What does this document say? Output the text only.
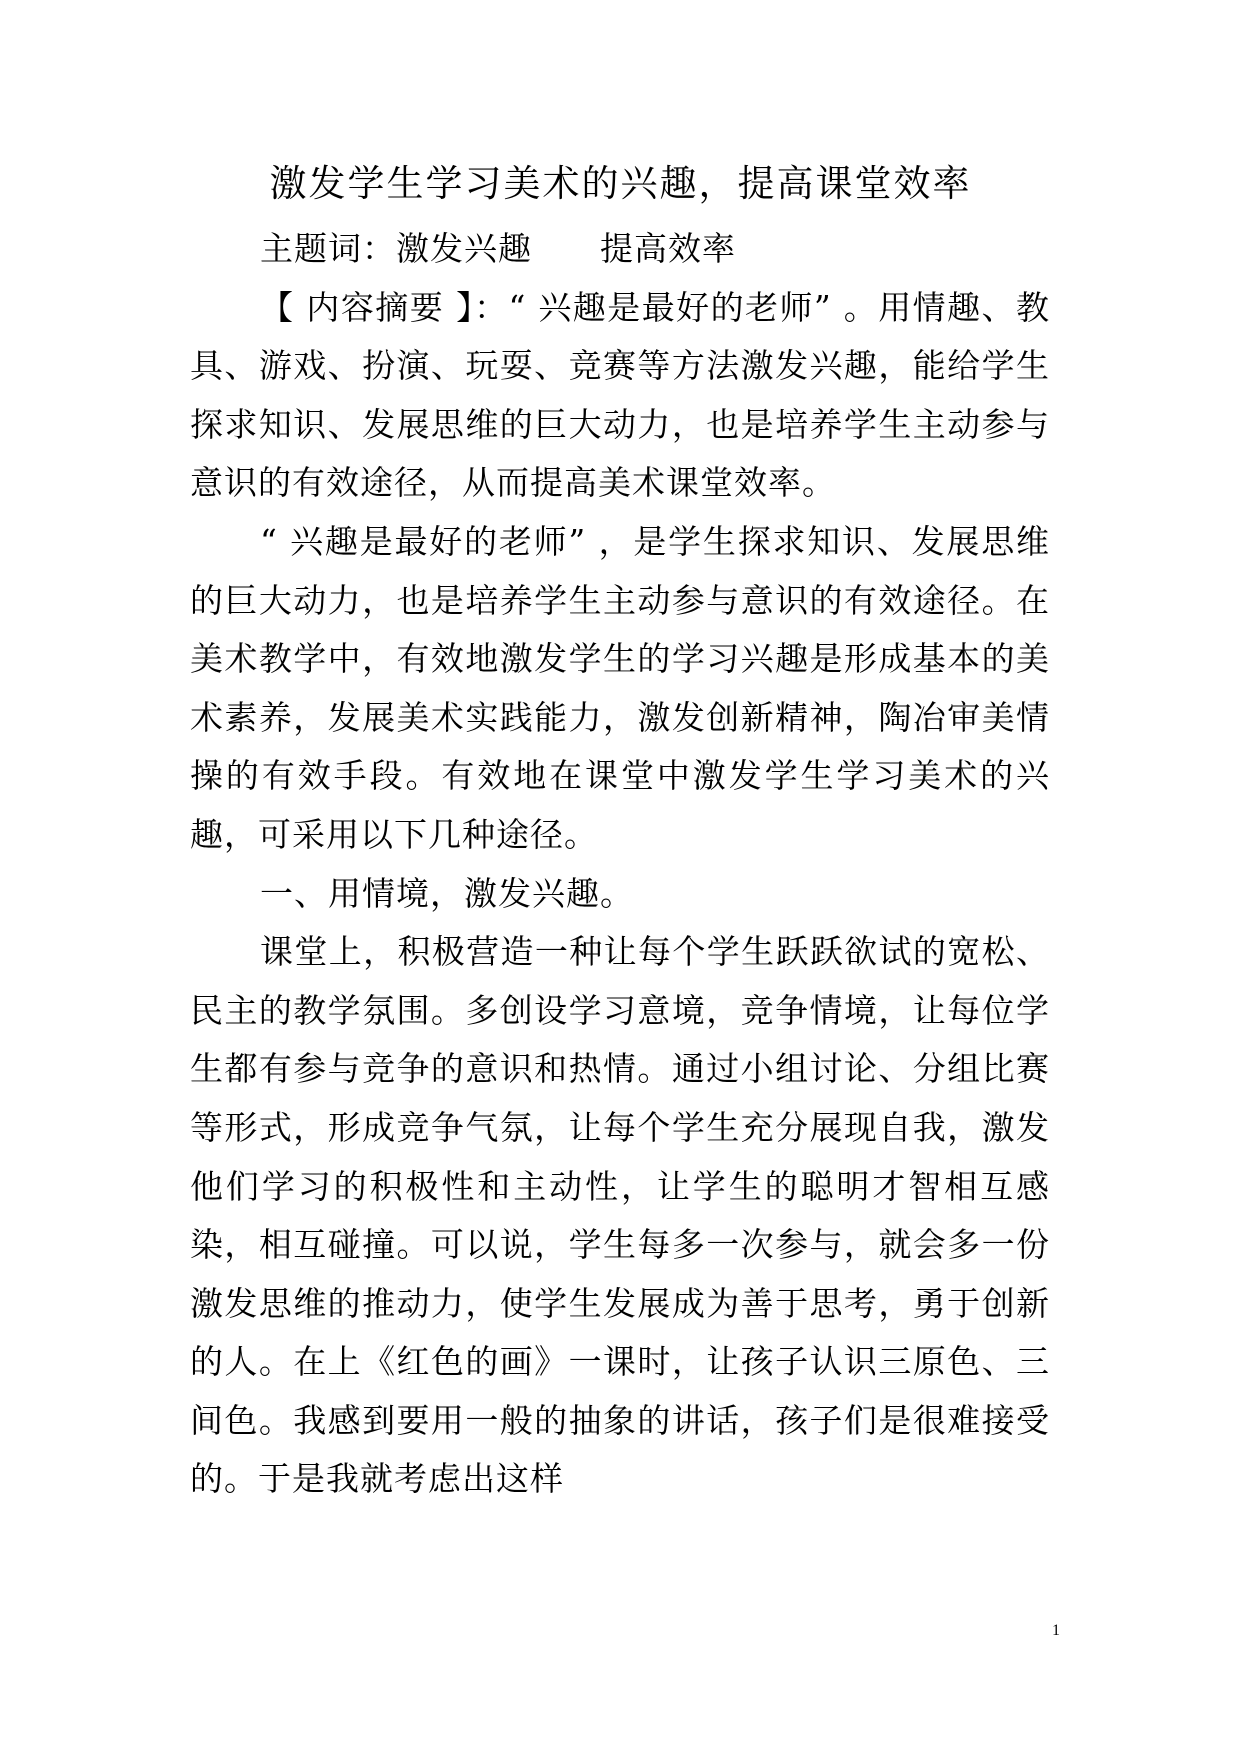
激发学生学习美术的兴趣，提高课堂效率

主题词：激发兴趣　　提高效率

【 内容摘要 】：“ 兴趣是最好的老师” 。用情趣、教具、游戏、扮演、玩耍、竞赛等方法激发兴趣，能给学生探求知识、发展思维的巨大动力，也是培养学生主动参与意识的有效途径，从而提高美术课堂效率。

“ 兴趣是最好的老师” ，是学生探求知识、发展思维的巨大动力，也是培养学生主动参与意识的有效途径。在美术教学中，有效地激发学生的学习兴趣是形成基本的美术素养，发展美术实践能力，激发创新精神，陶冶审美情操的有效手段。有效地在课堂中激发学生学习美术的兴趣，可采用以下几种途径。

一、用情境，激发兴趣。

课堂上，积极营造一种让每个学生跃跃欲试的宽松、民主的教学氛围。多创设学习意境，竞争情境，让每位学生都有参与竞争的意识和热情。通过小组讨论、分组比赛等形式，形成竞争气氛，让每个学生充分展现自我，激发他们学习的积极性和主动性，让学生的聪明才智相互感染，相互碰撞。可以说，学生每多一次参与，就会多一份激发思维的推动力，使学生发展成为善于思考，勇于创新的人。在上《红色的画》一课时，让孩子认识三原色、三间色。我感到要用一般的抽象的讲话，孩子们是很难接受的。于是我就考虑出这样

1
